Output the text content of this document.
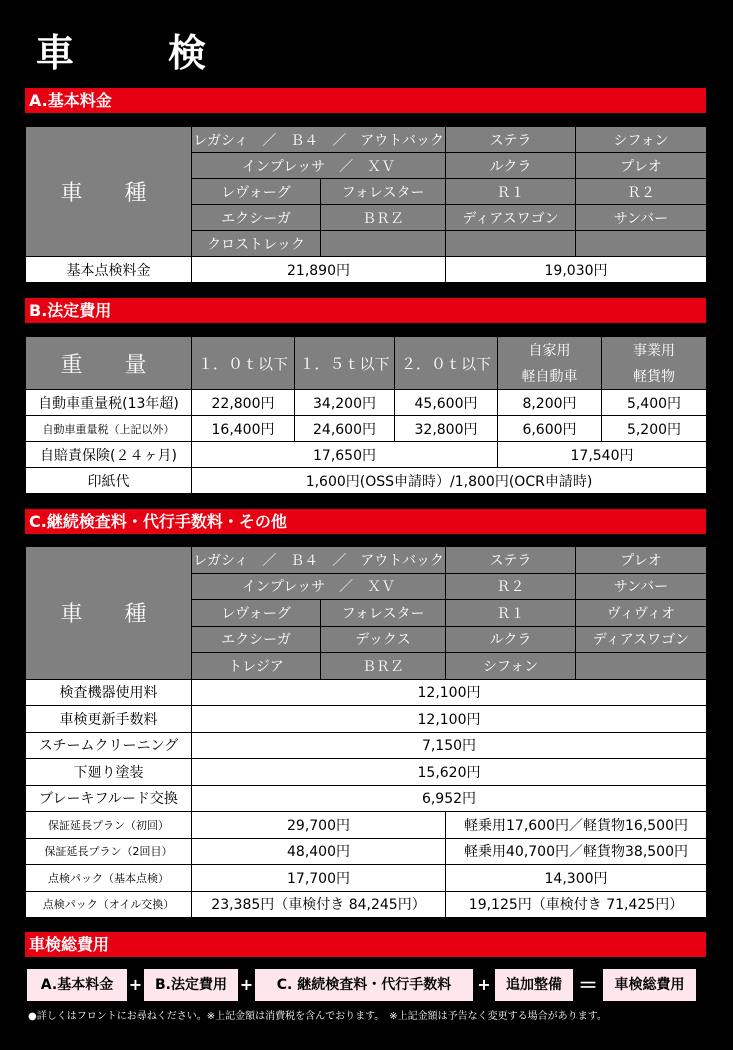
車　検
A.基本料金
車　種	レガシィ　／　Ｂ４　／　アウトバック		ステラ	シフォン
	インプレッサ　／　ＸＶ		ルクラ	プレオ
	レヴォーグ	フォレスター	Ｒ１	Ｒ２
	エクシーガ	ＢＲＺ	ディアスワゴン	サンバー
	クロストレック			
基本点検料金	21,890円		19,030円	
B.法定費用
重　量	１．０ｔ以下	１．５ｔ以下	２．０ｔ以下	自家用	事業用
				軽自動車	軽貨物
自動車重量税(13年超)	22,800円	34,200円	45,600円	8,200円	5,400円
自動車重量税（上記以外）	16,400円	24,600円	32,800円	6,600円	5,200円
自賠責保険(２４ヶ月)	17,650円			17,540円	
印紙代	1,600円(OSS申請時）/1,800円(OCR申請時)				
C.継続検査料・代行手数料・その他
車　種	レガシィ　／　Ｂ４　／　アウトバック		ステラ	プレオ
	インプレッサ　／　ＸＶ		Ｒ２	サンバー
	レヴォーグ	フォレスター	Ｒ１	ヴィヴィオ
	エクシーガ	デックス	ルクラ	ディアスワゴン
	トレジア	ＢＲＺ	シフォン	
検査機器使用料	12,100円			
車検更新手数料	12,100円			
スチームクリーニング	7,150円			
下廻り塗装	15,620円			
ブレーキフルード交換	6,952円			
保証延長プラン（初回）	29,700円		軽乗用17,600円／軽貨物16,500円	
保証延長プラン（2回目）	48,400円		軽乗用40,700円／軽貨物38,500円	
点検パック（基本点検）	17,700円		14,300円	
点検パック（オイル交換）	23,385円（車検付き 84,245円）		19,125円（車検付き 71,425円）	
車検総費用
A.基本料金 + B.法定費用 +	C. 継続検査料・代行手数料	+	追加整備 ＝	車検総費用
●詳しくはフロントにお尋ねください。※上記金額は消費税を含んでおります。　※上記金額は予告なく変更する場合があります。
